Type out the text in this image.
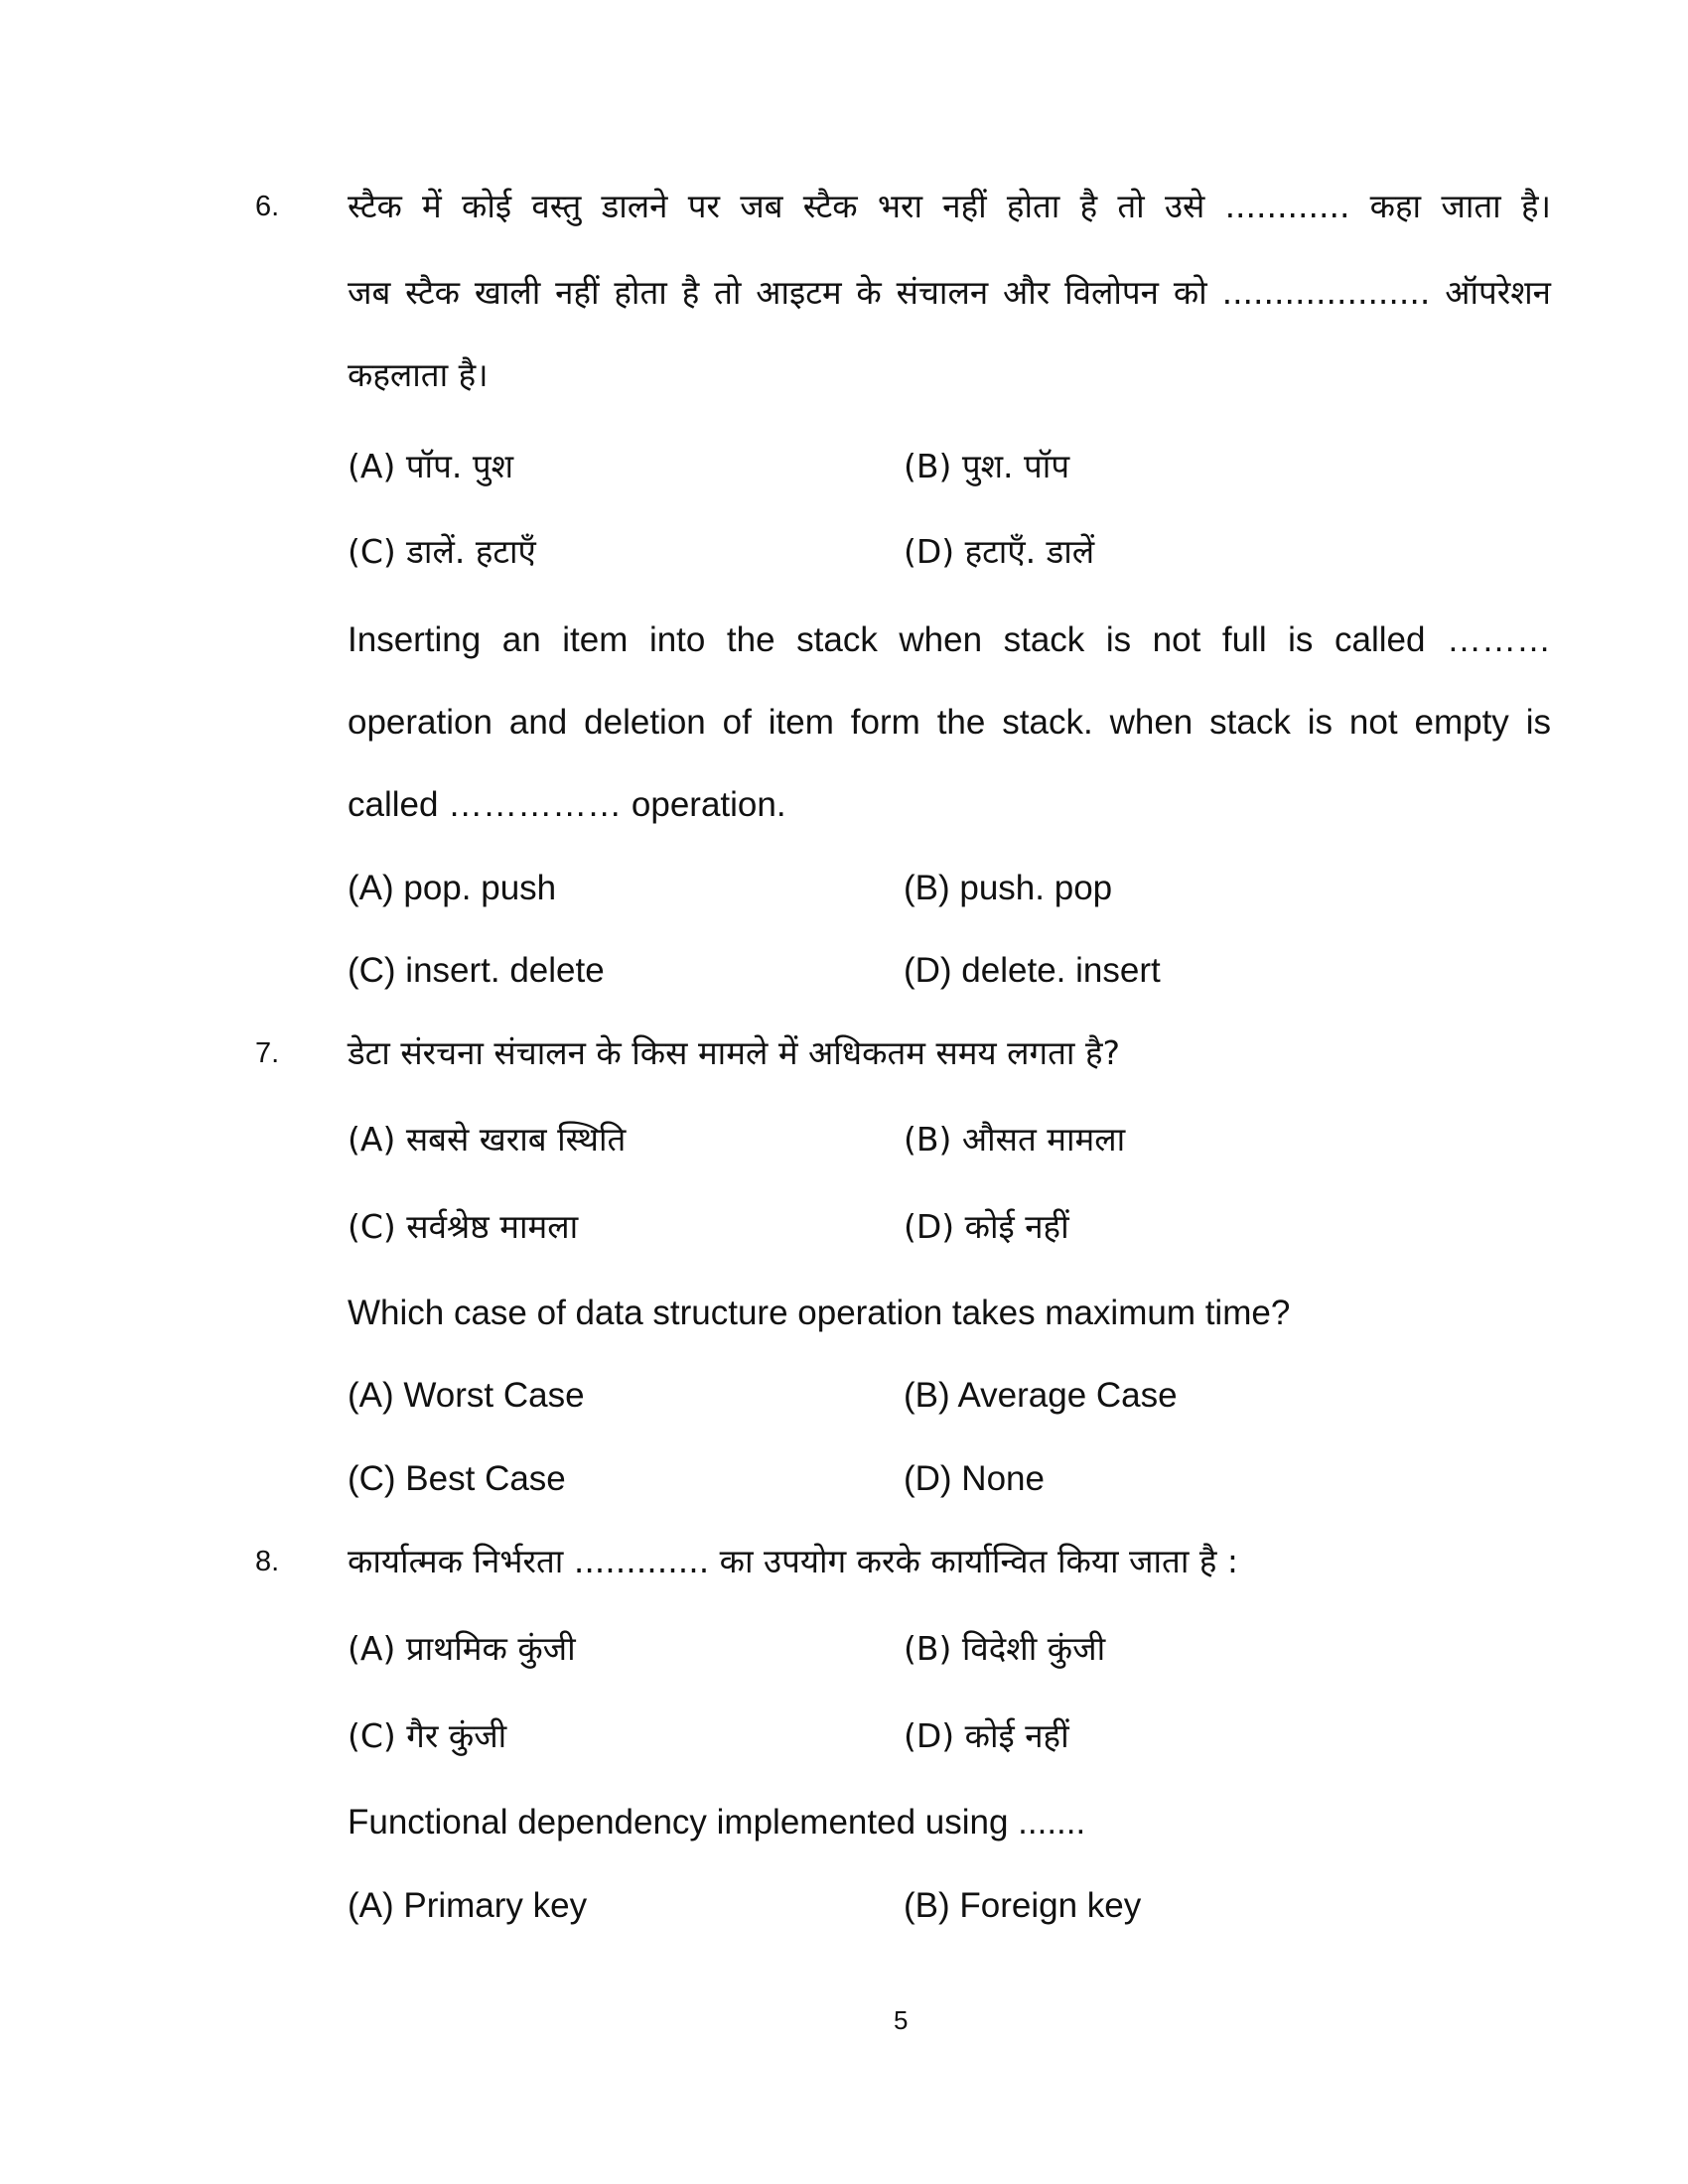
6. स्टैक में कोई वस्तु डालने पर जब स्टैक भरा नहीं होता है तो उसे ............ कहा जाता है।
जब स्टैक खाली नहीं होता है तो आइटम के संचालन और विलोपन को .................... ऑपरेशन
कहलाता है।
(A) पॉप. पुश	(B) पुश. पॉप
(C) डालें. हटाएँ	(D) हटाएँ. डालें
Inserting an item into the stack when stack is not full is called ………
operation and deletion of item form the stack. when stack is not empty is
called …………… operation.
(A) pop. push	(B) push. pop
(C) insert. delete	(D) delete. insert
7. डेटा संरचना संचालन के किस मामले में अधिकतम समय लगता है?
(A) सबसे खराब स्थिति	(B) औसत मामला
(C) सर्वश्रेष्ठ मामला	(D) कोई नहीं
Which case of data structure operation takes maximum time?
(A) Worst Case	(B) Average Case
(C) Best Case	(D) None
8. कार्यात्मक निर्भरता ............. का उपयोग करके कार्यान्वित किया जाता है :
(A) प्राथमिक कुंजी	(B) विदेशी कुंजी
(C) गैर कुंजी	(D) कोई नहीं
Functional dependency implemented using .......
(A) Primary key	(B) Foreign key
5
